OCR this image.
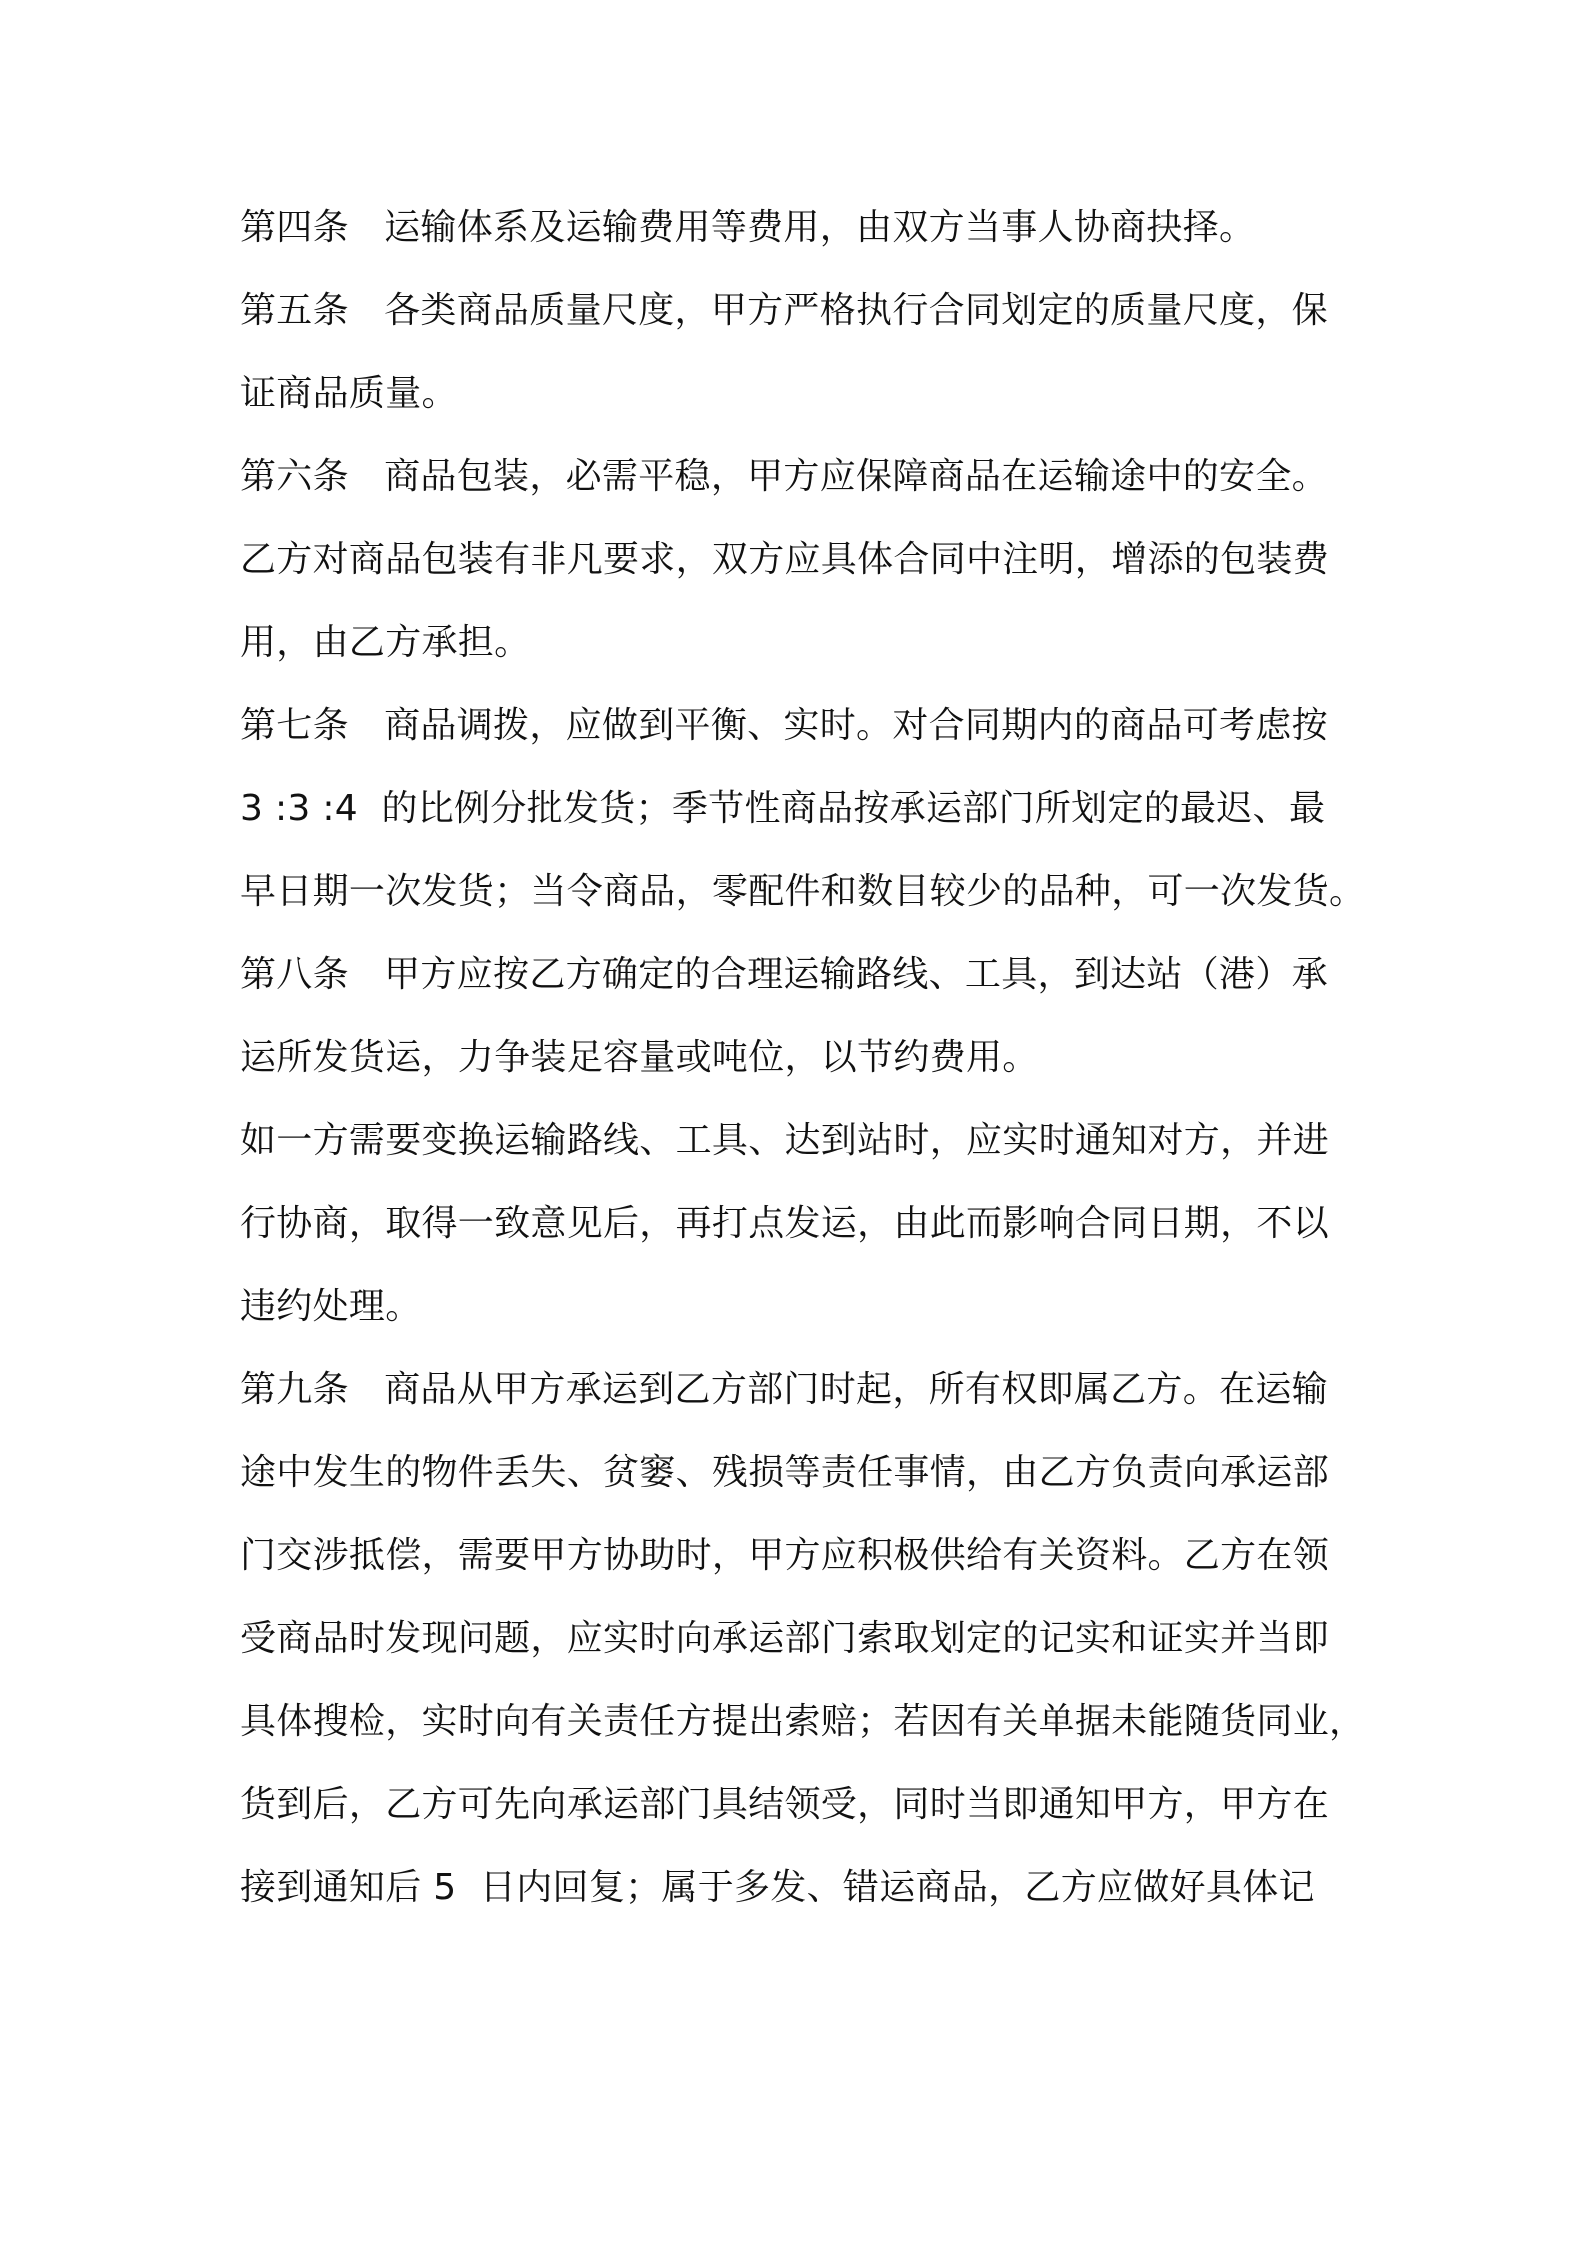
第四条   运输体系及运输费用等费用，由双方当事人协商抉择。
第五条   各类商品质量尺度，甲方严格执行合同划定的质量尺度，保
证商品质量。
第六条   商品包装，必需平稳，甲方应保障商品在运输途中的安全。
乙方对商品包装有非凡要求，双方应具体合同中注明，增添的包装费
用，由乙方承担。
第七条   商品调拨，应做到平衡、实时。对合同期内的商品可考虑按
3 :3 :4  的比例分批发货；季节性商品按承运部门所划定的最迟、最
早日期一次发货；当令商品，零配件和数目较少的品种，可一次发货。
第八条   甲方应按乙方确定的合理运输路线、工具，到达站（港）承
运所发货运，力争装足容量或吨位，以节约费用。
如一方需要变换运输路线、工具、达到站时，应实时通知对方，并进
行协商，取得一致意见后，再打点发运，由此而影响合同日期，不以
违约处理。
第九条   商品从甲方承运到乙方部门时起，所有权即属乙方。在运输
途中发生的物件丢失、贫窭、残损等责任事情，由乙方负责向承运部
门交涉抵偿，需要甲方协助时，甲方应积极供给有关资料。乙方在领
受商品时发现问题，应实时向承运部门索取划定的记实和证实并当即
具体搜检，实时向有关责任方提出索赔；若因有关单据未能随货同业，
货到后，乙方可先向承运部门具结领受，同时当即通知甲方，甲方在
接到通知后 5  日内回复；属于多发、错运商品，乙方应做好具体记
